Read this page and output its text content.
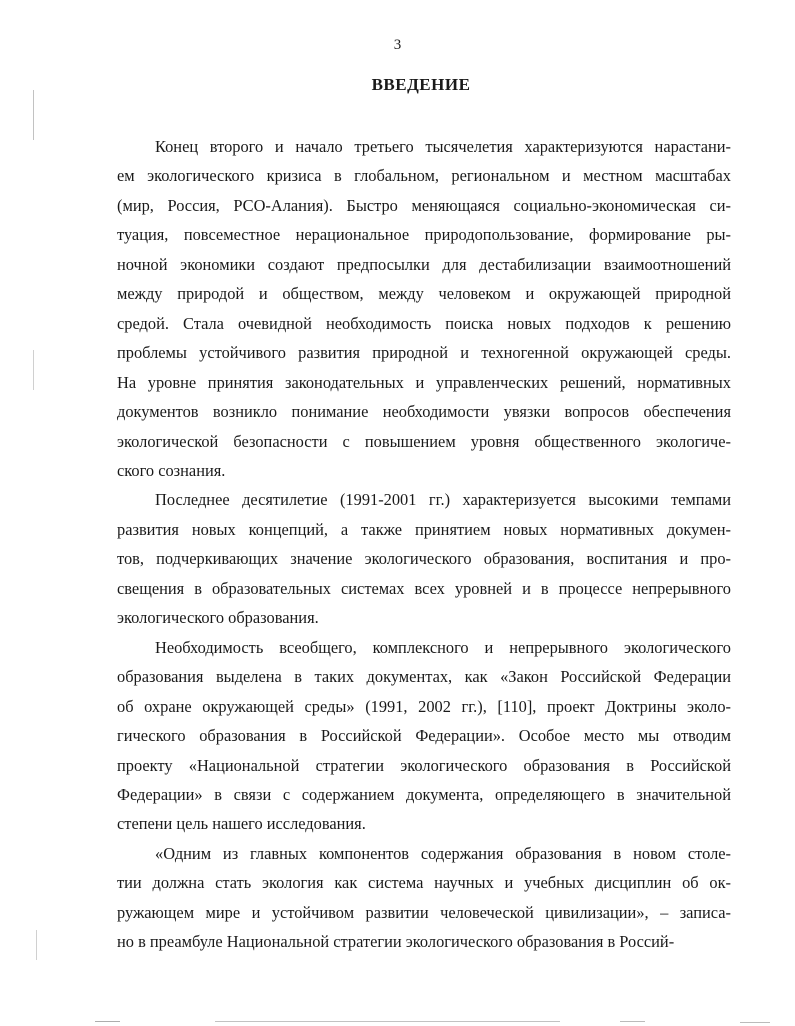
3
ВВЕДЕНИЕ

Конец второго и начало третьего тысячелетия характеризуются нарастани-
ем экологического кризиса в глобальном, региональном и местном масштабах
(мир, Россия, РСО-Алания). Быстро меняющаяся социально-экономическая си-
туация, повсеместное нерациональное природопользование, формирование ры-
ночной экономики создают предпосылки для дестабилизации взаимоотношений
между природой и обществом, между человеком и окружающей природной
средой. Стала очевидной необходимость поиска новых подходов к решению
проблемы устойчивого развития природной и техногенной окружающей среды.
На уровне принятия законодательных и управленческих решений, нормативных
документов возникло понимание необходимости увязки вопросов обеспечения
экологической безопасности с повышением уровня общественного экологиче-
ского сознания.

Последнее десятилетие (1991-2001 гг.) характеризуется высокими темпами
развития новых концепций, а также принятием новых нормативных докумен-
тов, подчеркивающих значение экологического образования, воспитания и про-
свещения в образовательных системах всех уровней и в процессе непрерывного
экологического образования.

Необходимость всеобщего, комплексного и непрерывного экологического
образования выделена в таких документах, как «Закон Российской Федерации
об охране окружающей среды» (1991, 2002 гг.), [110], проект Доктрины эколо-
гического образования в Российской Федерации». Особое место мы отводим
проекту «Национальной стратегии экологического образования в Российской
Федерации» в связи с содержанием документа, определяющего в значительной
степени цель нашего исследования.

«Одним из главных компонентов содержания образования в новом столе-
тии должна стать экология как система научных и учебных дисциплин об ок-
ружающем мире и устойчивом развитии человеческой цивилизации», – записа-
но в преамбуле Национальной стратегии экологического образования в Россий-
